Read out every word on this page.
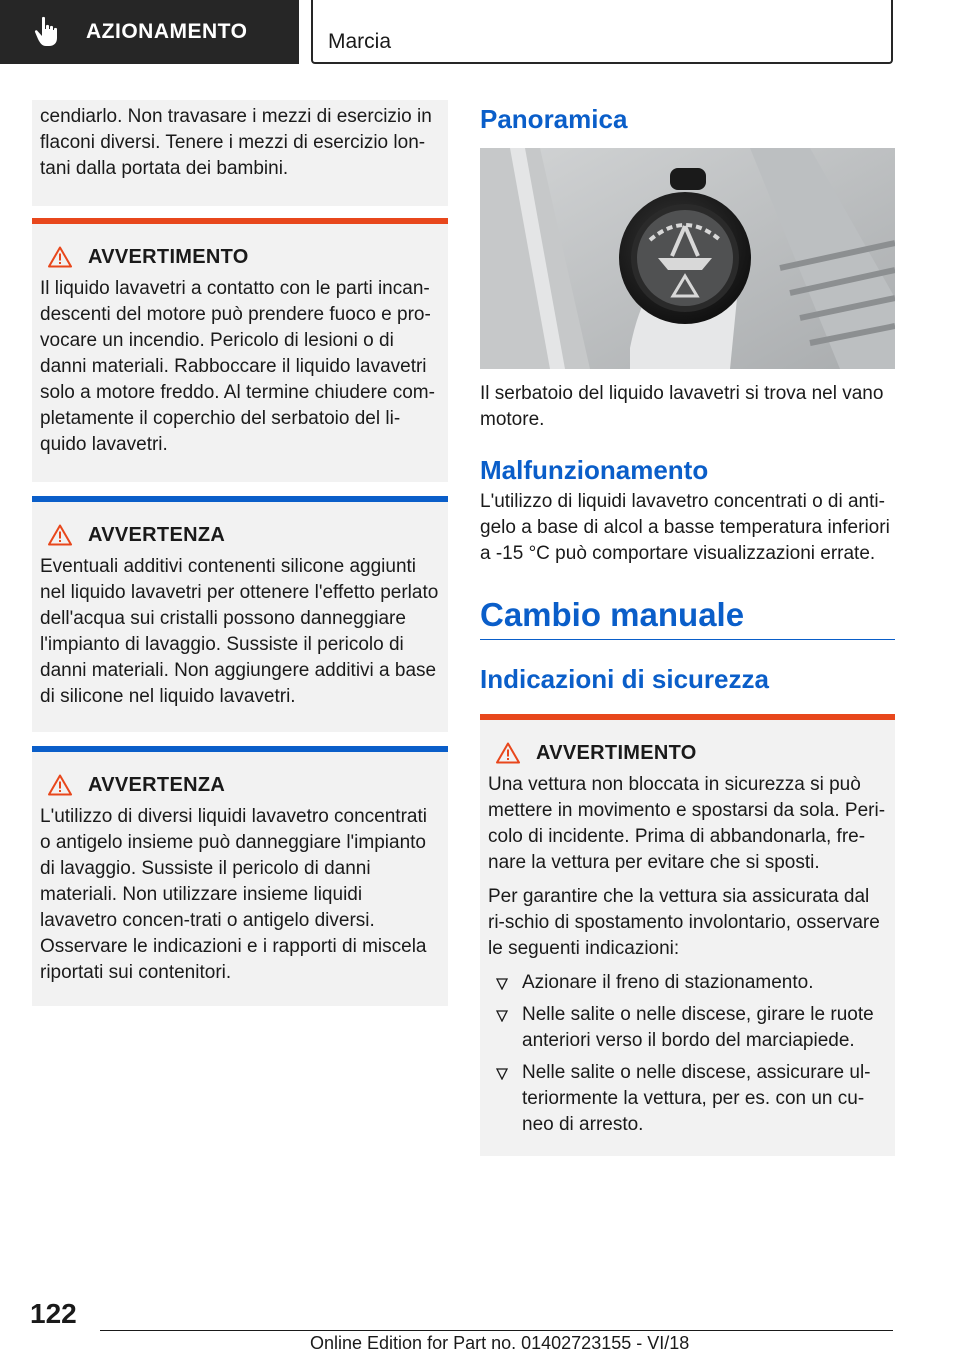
AZIONAMENTO	Marcia
cendiarlo. Non travasare i mezzi di esercizio in flaconi diversi. Tenere i mezzi di esercizio lon-tani dalla portata dei bambini.
AVVERTIMENTO
Il liquido lavavetri a contatto con le parti incan-descenti del motore può prendere fuoco e pro-vocare un incendio. Pericolo di lesioni o di danni materiali. Rabboccare il liquido lavavetri solo a motore freddo. Al termine chiudere com-pletamente il coperchio del serbatoio del li-quido lavavetri.
AVVERTENZA
Eventuali additivi contenenti silicone aggiunti nel liquido lavavetri per ottenere l'effetto perlato dell'acqua sui cristalli possono danneggiare l'impianto di lavaggio. Sussiste il pericolo di danni materiali. Non aggiungere additivi a base di silicone nel liquido lavavetri.
AVVERTENZA
L'utilizzo di diversi liquidi lavavetro concentrati o antigelo insieme può danneggiare l'impianto di lavaggio. Sussiste il pericolo di danni materiali. Non utilizzare insieme liquidi lavavetro concen-trati o antigelo diversi. Osservare le indicazioni e i rapporti di miscela riportati sui contenitori.
Panoramica
Il serbatoio del liquido lavavetri si trova nel vano motore.
Malfunzionamento
L'utilizzo di liquidi lavavetro concentrati o di anti-gelo a base di alcol a basse temperatura inferiori a -15 °C può comportare visualizzazioni errate.
Cambio manuale
Indicazioni di sicurezza
AVVERTIMENTO
Una vettura non bloccata in sicurezza si può mettere in movimento e spostarsi da sola. Peri-colo di incidente. Prima di abbandonarla, fre-nare la vettura per evitare che si sposti.
Per garantire che la vettura sia assicurata dal ri-schio di spostamento involontario, osservare le seguenti indicazioni:
Azionare il freno di stazionamento.
Nelle salite o nelle discese, girare le ruote anteriori verso il bordo del marciapiede.
Nelle salite o nelle discese, assicurare ul-teriormente la vettura, per es. con un cu-neo di arresto.
122
Online Edition for Part no. 01402723155 - VI/18
